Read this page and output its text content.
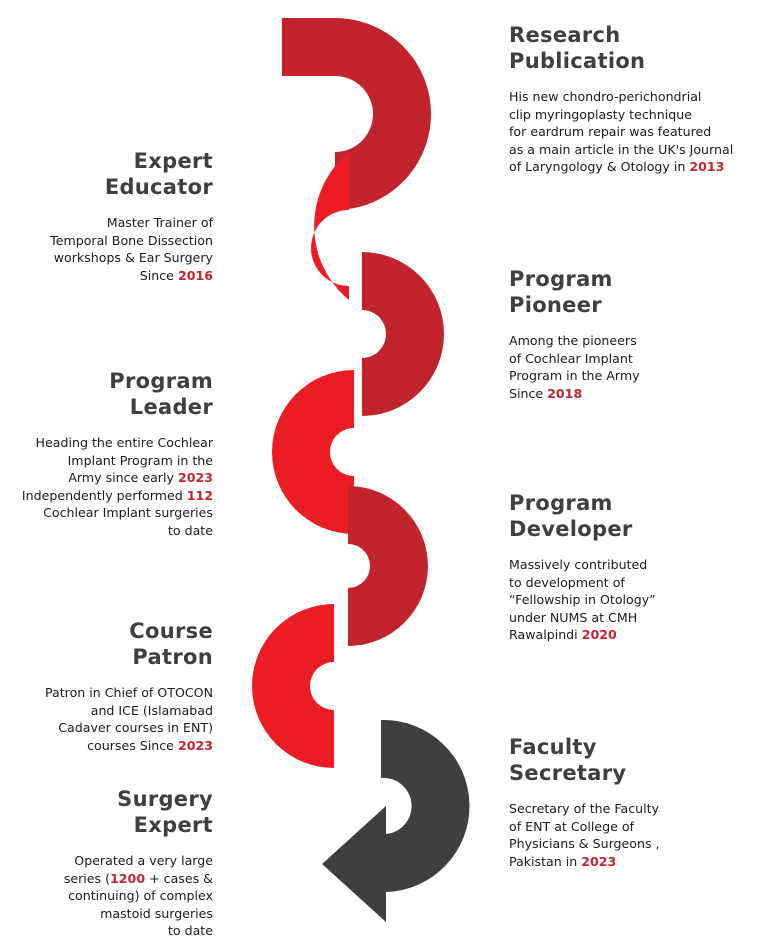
Research
Publication
His new chondro-perichondrial
clip myringoplasty technique
for eardrum repair was featured
as a main article in the UK's Journal
of Laryngology & Otology in 2013
Expert
Educator
Master Trainer of
Temporal Bone Dissection
workshops & Ear Surgery
Since 2016	Program
Pioneer
Among the pioneers
of Cochlear Implant
Program in the Army
Since 2018
Program
Leader
Heading the entire Cochlear
Implant Program in the
Army since early 2023
Independently performed 112
Cochlear Implant surgeries
to date
Program
Developer
Massively contributed
to development of
“Fellowship in Otology”
under NUMS at CMH
Rawalpindi 2020
Course
Patron
Patron in Chief of OTOCON
and ICE (Islamabad
Cadaver courses in ENT)
courses Since 2023	Faculty
Secretary
Secretary of the Faculty
of ENT at College of
Physicians & Surgeons ,
Pakistan in 2023
Surgery
Expert
Operated a very large
series (1200 + cases &
continuing) of complex
mastoid surgeries
to date
